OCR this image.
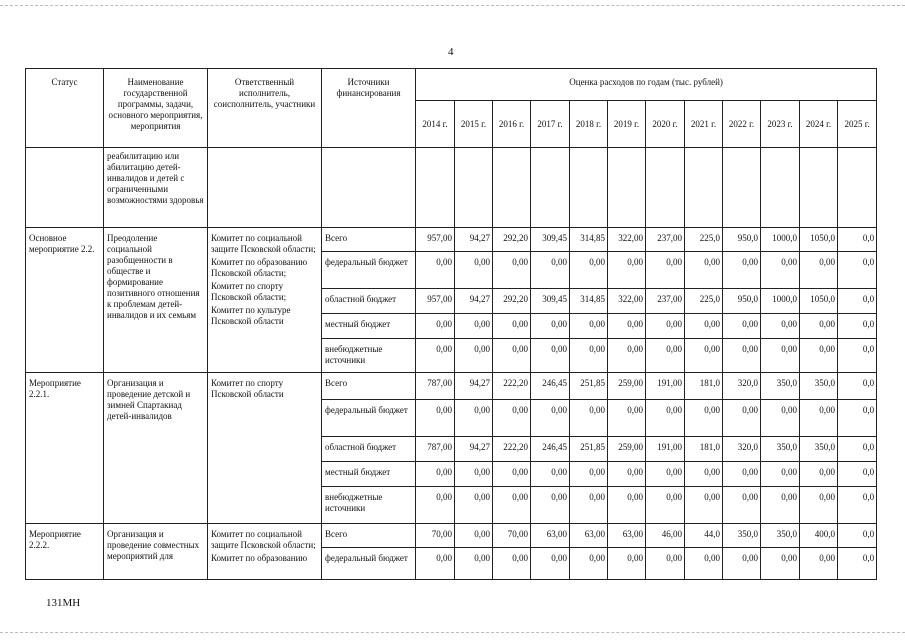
4
Статус	Наименование государственной программы, задачи, основного мероприятия, мероприятия	Ответственный исполнитель, соисполнитель, участники	Источники финансирования	Оценка расходов по годам (тыс. рублей)											
				2014 г.	2015 г.	2016 г.	2017 г.	2018 г.	2019 г.	2020 г.	2021 г.	2022 г.	2023 г.	2024 г.	2025 г.
	реабилитацию или абилитацию детей-инвалидов и детей с ограниченными возможностями здоровья														
Основное мероприятие 2.2.	Преодоление социальной разобщенности в обществе и формирование позитивного отношения к проблемам детей-инвалидов и их семьям	Комитет по социальной защите Псковской области;
Комитет по образованию Псковской области;
Комитет по спорту Псковской области;
Комитет по культуре Псковской области	Всего	957,00	94,27	292,20	309,45	314,85	322,00	237,00	225,0	950,0	1000,0	1050,0	0,0
			федеральный бюджет	0,00	0,00	0,00	0,00	0,00	0,00	0,00	0,00	0,00	0,00	0,00	0,0
			областной бюджет	957,00	94,27	292,20	309,45	314,85	322,00	237,00	225,0	950,0	1000,0	1050,0	0,0
			местный бюджет	0,00	0,00	0,00	0,00	0,00	0,00	0,00	0,00	0,00	0,00	0,00	0,0
			внебюджетные источники	0,00	0,00	0,00	0,00	0,00	0,00	0,00	0,00	0,00	0,00	0,00	0,0
Мероприятие 2.2.1.	Организация и проведение детской и зимней Спартакиад детей-инвалидов	Комитет по спорту Псковской области	Всего	787,00	94,27	222,20	246,45	251,85	259,00	191,00	181,0	320,0	350,0	350,0	0,0
			федеральный бюджет	0,00	0,00	0,00	0,00	0,00	0,00	0,00	0,00	0,00	0,00	0,00	0,0
			областной бюджет	787,00	94,27	222,20	246,45	251,85	259,00	191,00	181,0	320,0	350,0	350,0	0,0
			местный бюджет	0,00	0,00	0,00	0,00	0,00	0,00	0,00	0,00	0,00	0,00	0,00	0,0
			внебюджетные источники	0,00	0,00	0,00	0,00	0,00	0,00	0,00	0,00	0,00	0,00	0,00	0,0
Мероприятие 2.2.2.	Организация и проведение совместных мероприятий для	Комитет по социальной защите Псковской области;
Комитет по образованию	Всего	70,00	0,00	70,00	63,00	63,00	63,00	46,00	44,0	350,0	350,0	400,0	0,0
			федеральный бюджет	0,00	0,00	0,00	0,00	0,00	0,00	0,00	0,00	0,00	0,00	0,00	0,0
131МН
